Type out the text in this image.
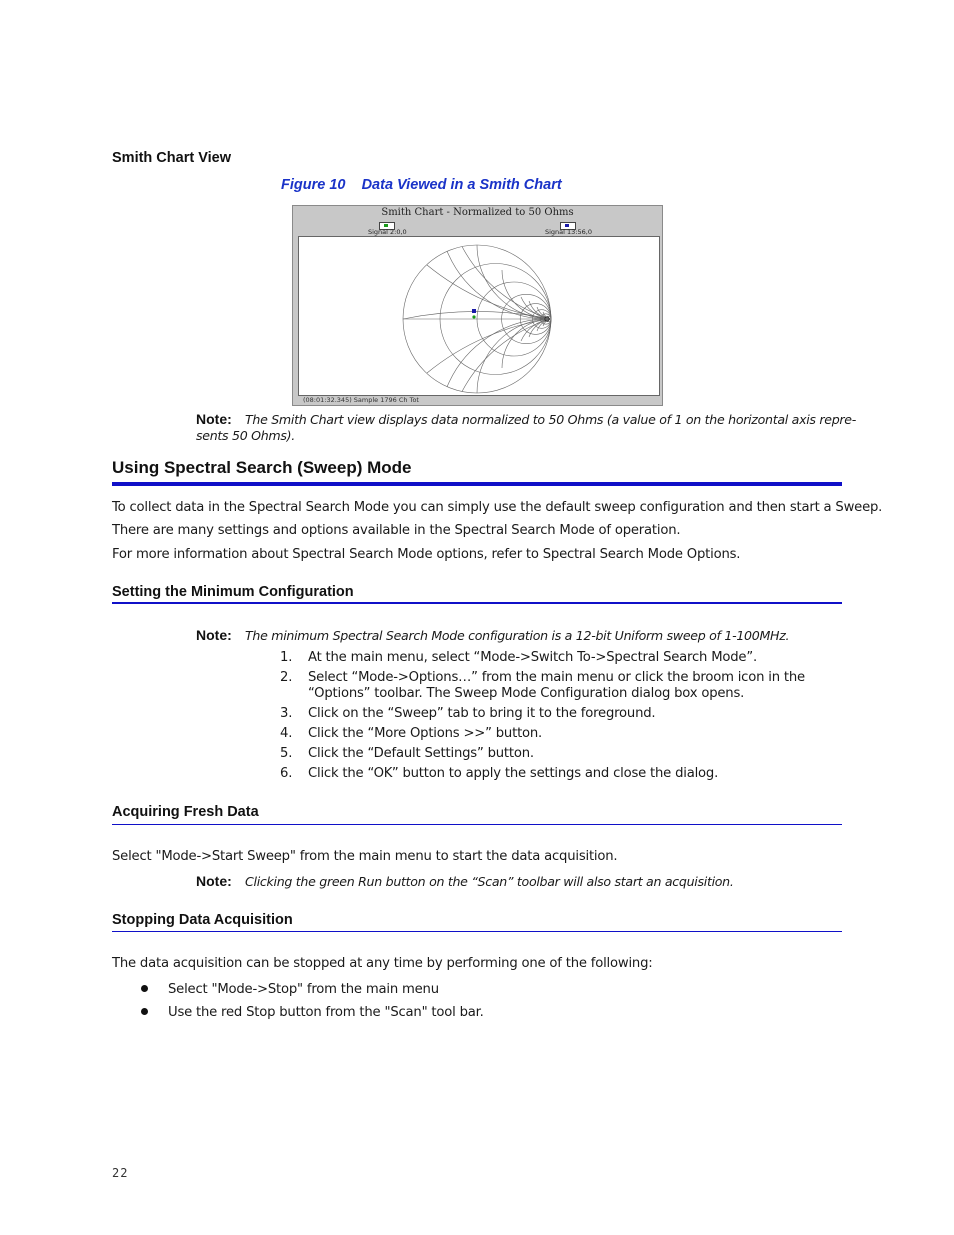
Smith Chart View
Figure 10    Data Viewed in a Smith Chart
Smith Chart - Normalized to 50 Ohms
Signal 2:0,0	Signal 13:56,0
(08:01:32.345) Sample 1796 Ch Tot
Note: The Smith Chart view displays data normalized to 50 Ohms (a value of 1 on the horizontal axis repre-
sents 50 Ohms).
Using Spectral Search (Sweep) Mode
To collect data in the Spectral Search Mode you can simply use the default sweep configuration and then start a Sweep.
There are many settings and options available in the Spectral Search Mode of operation.
For more information about Spectral Search Mode options, refer to Spectral Search Mode Options.
Setting the Minimum Configuration
Note: The minimum Spectral Search Mode configuration is a 12-bit Uniform sweep of 1-100MHz.
1. At the main menu, select “Mode->Switch To->Spectral Search Mode”.
2. Select “Mode->Options…” from the main menu or click the broom icon in the
“Options” toolbar. The Sweep Mode Configuration dialog box opens.
3. Click on the “Sweep” tab to bring it to the foreground.
4. Click the “More Options >>” button.
5. Click the “Default Settings” button.
6. Click the “OK” button to apply the settings and close the dialog.
Acquiring Fresh Data
Select "Mode->Start Sweep" from the main menu to start the data acquisition.
Note: Clicking the green Run button on the “Scan” toolbar will also start an acquisition.
Stopping Data Acquisition
The data acquisition can be stopped at any time by performing one of the following:
Select "Mode->Stop" from the main menu
Use the red Stop button from the "Scan" tool bar.
22
